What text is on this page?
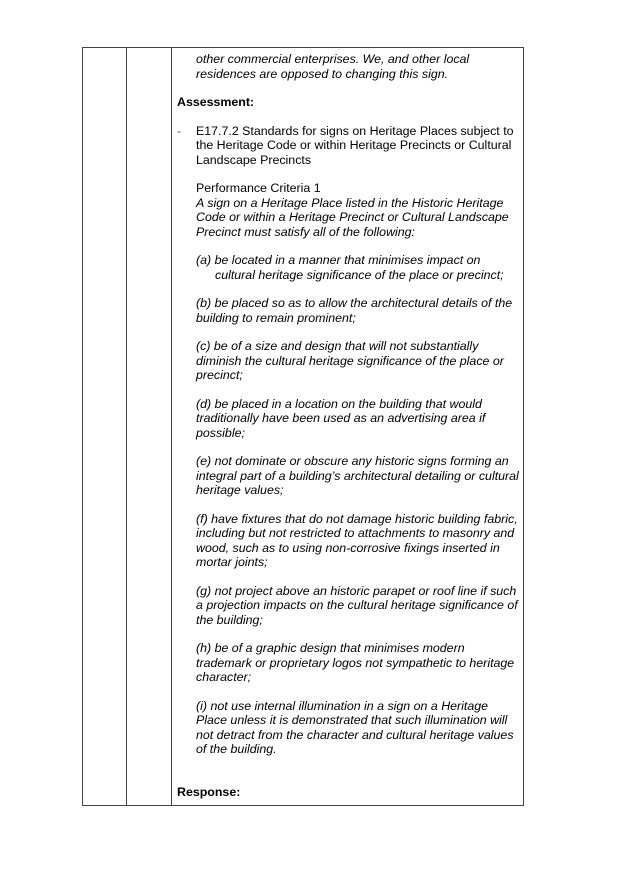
other commercial enterprises. We, and other local residences are opposed to changing this sign.

Assessment:

- E17.7.2 Standards for signs on Heritage Places subject to the Heritage Code or within Heritage Precincts or Cultural Landscape Precincts

Performance Criteria 1

A sign on a Heritage Place listed in the Historic Heritage Code or within a Heritage Precinct or Cultural Landscape Precinct must satisfy all of the following:

(a) be located in a manner that minimises impact on cultural heritage significance of the place or precinct;

(b) be placed so as to allow the architectural details of the building to remain prominent;

(c) be of a size and design that will not substantially diminish the cultural heritage significance of the place or precinct;

(d) be placed in a location on the building that would traditionally have been used as an advertising area if possible;

(e) not dominate or obscure any historic signs forming an integral part of a building’s architectural detailing or cultural heritage values;

(f) have fixtures that do not damage historic building fabric, including but not restricted to attachments to masonry and wood, such as to using non-corrosive fixings inserted in mortar joints;

(g) not project above an historic parapet or roof line if such a projection impacts on the cultural heritage significance of the building;

(h) be of a graphic design that minimises modern trademark or proprietary logos not sympathetic to heritage character;

(i) not use internal illumination in a sign on a Heritage Place unless it is demonstrated that such illumination will not detract from the character and cultural heritage values of the building.

Response:
